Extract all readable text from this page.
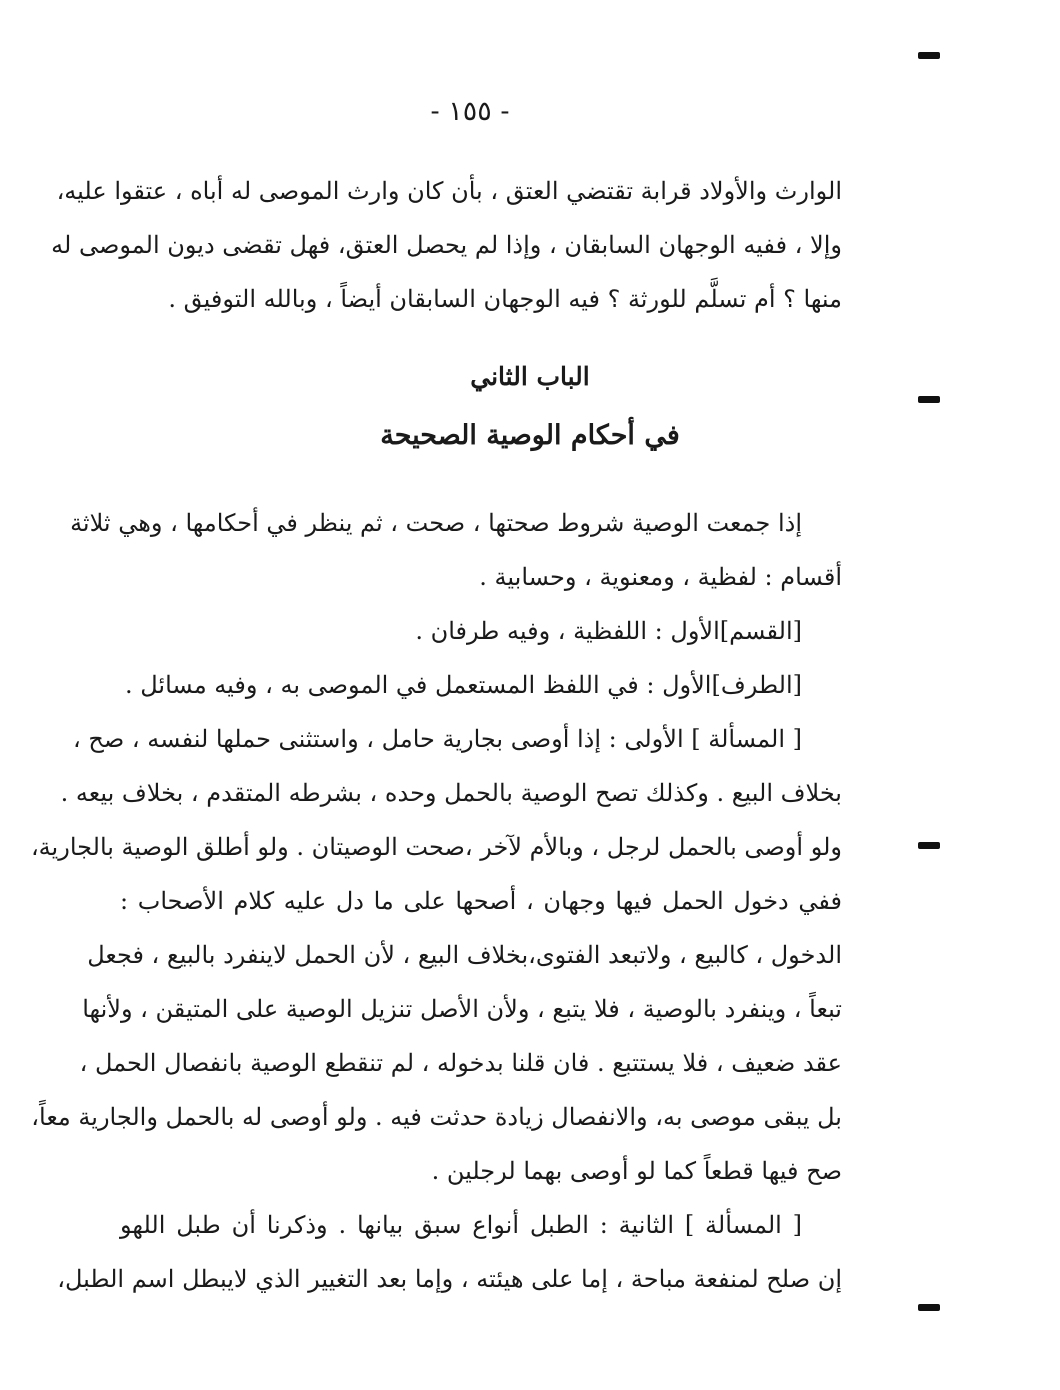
- ١٥٥ -
الوارث والأولاد قرابة تقتضي العتق ، بأن كان وارث الموصى له أباه ، عتقوا عليه،
وإلا ، ففيه الوجهان السابقان ، وإذا لم يحصل العتق، فهل تقضى ديون الموصى له
منها ؟ أم تسلَّم للورثة ؟ فيه الوجهان السابقان أيضاً ، وبالله التوفيق .
الباب الثاني
في أحكام الوصية الصحيحة
إذا جمعت الوصية شروط صحتها ، صحت ، ثم ينظر في أحكامها ، وهي ثلاثة
أقسام : لفظية ، ومعنوية ، وحسابية .
[القسم]الأول : اللفظية ، وفيه طرفان .
[الطرف]الأول : في اللفظ المستعمل في الموصى به ، وفيه مسائل .
[ المسألة ] الأولى : إذا أوصى بجارية حامل ، واستثنى حملها لنفسه ، صح ،
بخلاف البيع . وكذلك تصح الوصية بالحمل وحده ، بشرطه المتقدم ، بخلاف بيعه .
ولو أوصى بالحمل لرجل ، وبالأم لآخر ،صحت الوصيتان . ولو أطلق الوصية بالجارية،
ففي دخول الحمل فيها وجهان ، أصحها على ما دل عليه كلام الأصحاب :
الدخول ، كالبيع ، ولاتبعد الفتوى،بخلاف البيع ، لأن الحمل لاينفرد بالبيع ، فجعل
تبعاً ، وينفرد بالوصية ، فلا يتبع ، ولأن الأصل تنزيل الوصية على المتيقن ، ولأنها
عقد ضعيف ، فلا يستتبع . فان قلنا بدخوله ، لم تنقطع الوصية بانفصال الحمل ،
بل يبقى موصى به، والانفصال زيادة حدثت فيه . ولو أوصى له بالحمل والجارية معاً،
صح فيها قطعاً كما لو أوصى بهما لرجلين .
[ المسألة ] الثانية : الطبل أنواع سبق بيانها . وذكرنا أن طبل اللهو
إن صلح لمنفعة مباحة ، إما على هيئته ، وإما بعد التغيير الذي لايبطل اسم الطبل،
